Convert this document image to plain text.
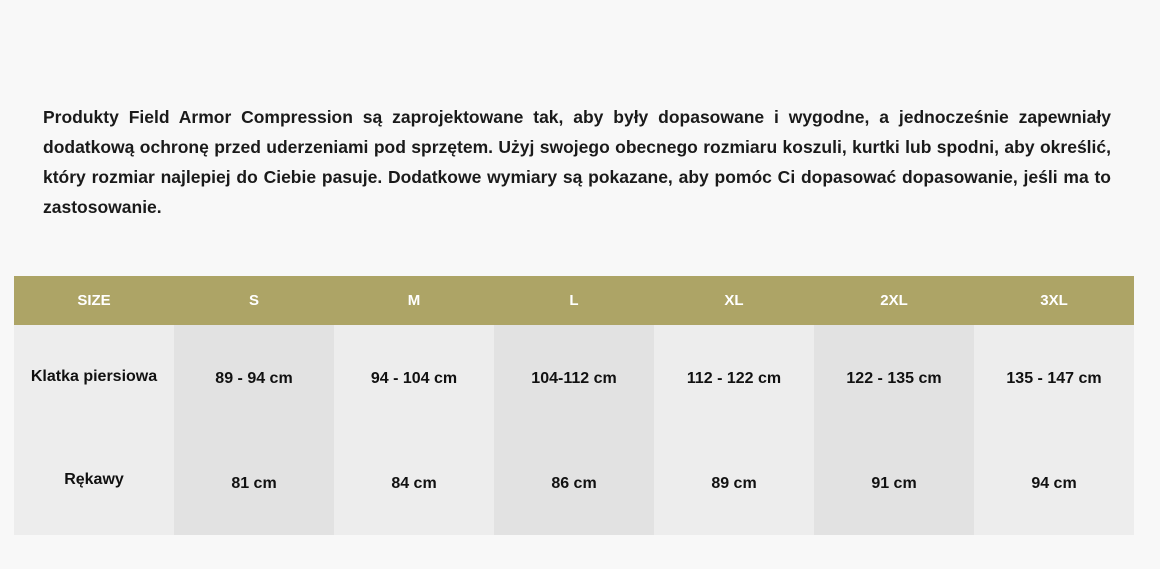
Produkty Field Armor Compression są zaprojektowane tak, aby były dopasowane i wygodne, a jednocześnie zapewniały dodatkową ochronę przed uderzeniami pod sprzętem. Użyj swojego obecnego rozmiaru koszuli, kurtki lub spodni, aby określić, który rozmiar najlepiej do Ciebie pasuje. Dodatkowe wymiary są pokazane, aby pomóc Ci dopasować dopasowanie, jeśli ma to zastosowanie.

SIZE	S	M	L	XL	2XL	3XL

Klatka piersiowa	89 - 94 cm	94 - 104 cm	104-112 cm	112 - 122 cm	122 - 135 cm	135 - 147 cm

Rękawy	81 cm	84 cm	86 cm	89 cm	91 cm	94 cm
